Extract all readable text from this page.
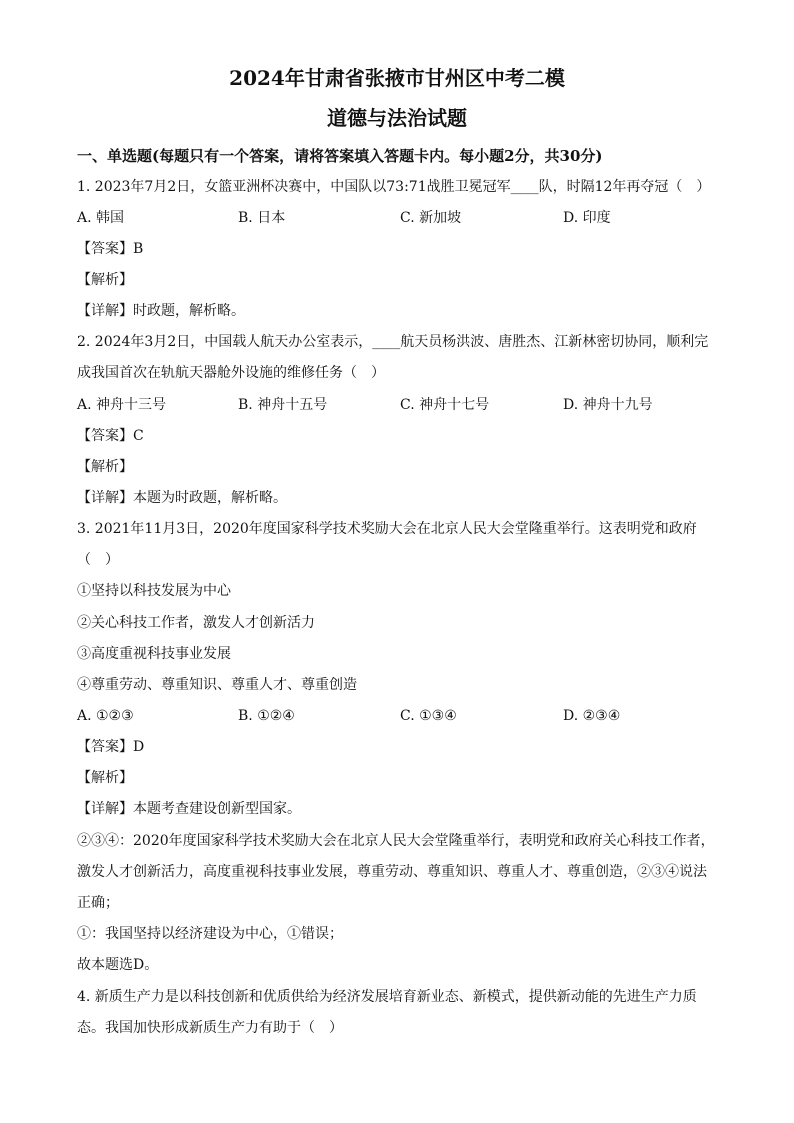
2024年甘肃省张掖市甘州区中考二模
道德与法治试题
一、单选题(每题只有一个答案，请将答案填入答题卡内。每小题2分，共30分)
1. 2023年7月2日，女篮亚洲杯决赛中，中国队以73:71战胜卫冕冠军____队，时隔12年再夺冠（　）
A. 韩国	B. 日本	C. 新加坡	D. 印度
【答案】B
【解析】
【详解】时政题，解析略。
2. 2024年3月2日，中国载人航天办公室表示，____航天员杨洪波、唐胜杰、江新林密切协同，顺利完
成我国首次在轨航天器舱外设施的维修任务（　）
A. 神舟十三号	B. 神舟十五号	C. 神舟十七号	D. 神舟十九号
【答案】C
【解析】
【详解】本题为时政题，解析略。
3. 2021年11月3日，2020年度国家科学技术奖励大会在北京人民大会堂隆重举行。这表明党和政府
（　）
①坚持以科技发展为中心
②关心科技工作者，激发人才创新活力
③高度重视科技事业发展
④尊重劳动、尊重知识、尊重人才、尊重创造
A. ①②③	B. ①②④	C. ①③④	D. ②③④
【答案】D
【解析】
【详解】本题考查建设创新型国家。
②③④：2020年度国家科学技术奖励大会在北京人民大会堂隆重举行，表明党和政府关心科技工作者，
激发人才创新活力，高度重视科技事业发展，尊重劳动、尊重知识、尊重人才、尊重创造，②③④说法
正确；
①：我国坚持以经济建设为中心，①错误；
故本题选D。
4. 新质生产力是以科技创新和优质供给为经济发展培育新业态、新模式，提供新动能的先进生产力质
态。我国加快形成新质生产力有助于（　）
